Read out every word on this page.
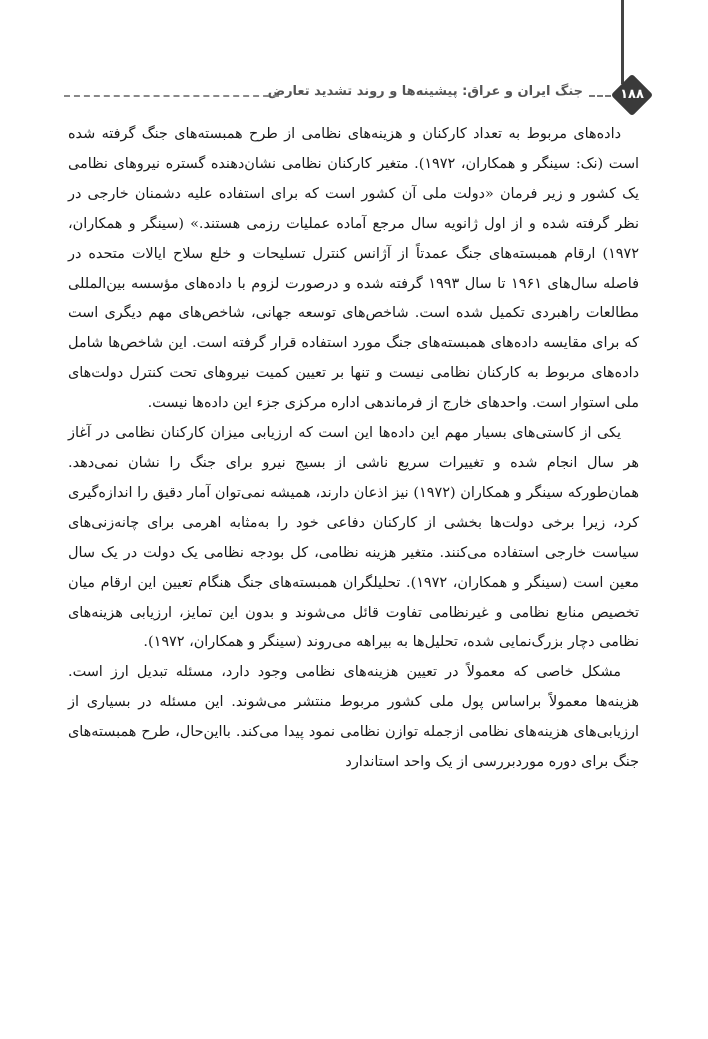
۱۸۸
جنگ ایران و عراق: پیشینه‌ها و روند تشدید تعارض

داده‌های مربوط به تعداد کارکنان و هزینه‌های نظامی از طرح همبسته‌های جنگ گرفته شده است (نک: سینگر و همکاران، ۱۹۷۲). متغیر کارکنان نظامی نشان‌دهنده گستره نیروهای نظامی یک کشور و زیر فرمان «دولت ملی آن کشور است که برای استفاده علیه دشمنان خارجی در نظر گرفته شده و از اول ژانویه سال مرجع آماده عملیات رزمی هستند.» (سینگر و همکاران، ۱۹۷۲) ارقام همبسته‌های جنگ عمدتاً از آژانس کنترل تسلیحات و خلع سلاح ایالات متحده در فاصله سال‌های ۱۹۶۱ تا سال ۱۹۹۳ گرفته شده و درصورت لزوم با داده‌های مؤسسه بین‌المللی مطالعات راهبردی تکمیل شده است. شاخص‌های توسعه جهانی، شاخص‌های مهم دیگری است که برای مقایسه داده‌های همبسته‌های جنگ مورد استفاده قرار گرفته است. این شاخص‌ها شامل داده‌های مربوط به کارکنان نظامی نیست و تنها بر تعیین کمیت نیروهای تحت کنترل دولت‌های ملی استوار است. واحدهای خارج از فرماندهی اداره مرکزی جزء این داده‌ها نیست.

یکی از کاستی‌های بسیار مهم این داده‌ها این است که ارزیابی میزان کارکنان نظامی در آغاز هر سال انجام شده و تغییرات سریع ناشی از بسیج نیرو برای جنگ را نشان نمی‌دهد. همان‌طورکه سینگر و همکاران (۱۹۷۲) نیز اذعان دارند، همیشه نمی‌توان آمار دقیق را اندازه‌گیری کرد، زیرا برخی دولت‌ها بخشی از کارکنان دفاعی خود را به‌مثابه اهرمی برای چانه‌زنی‌های سیاست خارجی استفاده می‌کنند. متغیر هزینه نظامی، کل بودجه نظامی یک دولت در یک سال معین است (سینگر و همکاران، ۱۹۷۲). تحلیلگران همبسته‌های جنگ هنگام تعیین این ارقام میان تخصیص منابع نظامی و غیرنظامی تفاوت قائل می‌شوند و بدون این تمایز، ارزیابی هزینه‌های نظامی دچار بزرگ‌نمایی شده، تحلیل‌ها به بیراهه می‌روند (سینگر و همکاران، ۱۹۷۲).

مشکل خاصی که معمولاً در تعیین هزینه‌های نظامی وجود دارد، مسئله تبدیل ارز است. هزینه‌ها معمولاً براساس پول ملی کشور مربوط منتشر می‌شوند. این مسئله در بسیاری از ارزیابی‌های هزینه‌های نظامی ازجمله توازن نظامی نمود پیدا می‌کند. بااین‌حال، طرح همبسته‌های جنگ برای دوره موردبررسی از یک واحد استاندارد
